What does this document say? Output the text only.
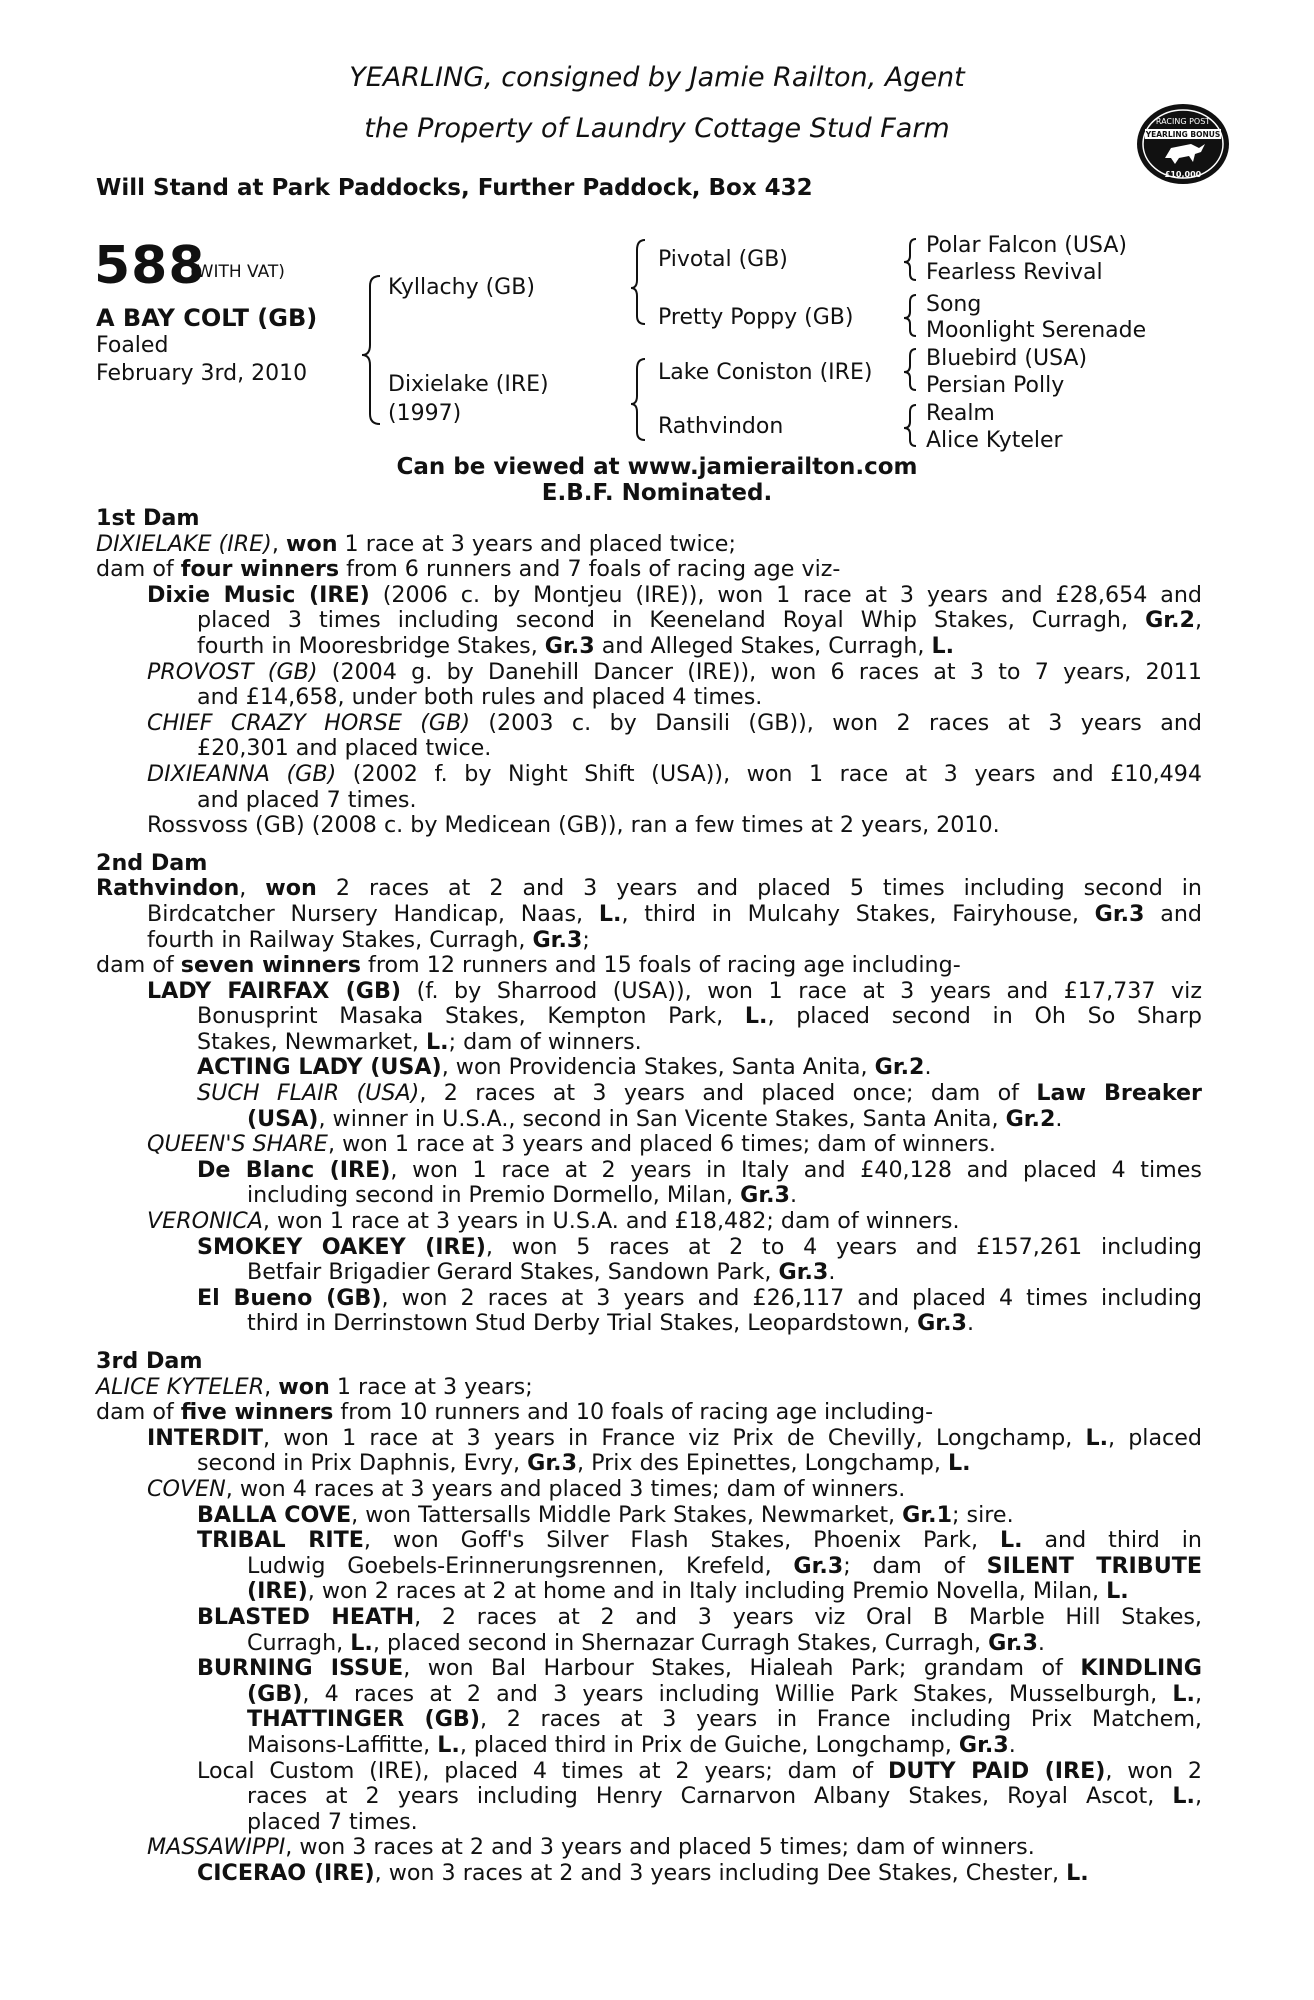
YEARLING, consigned by Jamie Railton, Agent
the Property of Laundry Cottage Stud Farm	RACING POST
YEARLING BONUS
£10,000
Will Stand at Park Paddocks, Further Paddock, Box 432
588
(WITH VAT)
A BAY COLT (GB)
Foaled
February 3rd, 2010
Kyllachy (GB)
Dixielake (IRE)
(1997)
Pivotal (GB)
Pretty Poppy (GB)
Lake Coniston (IRE)
Rathvindon
Polar Falcon (USA)
Fearless Revival
Song
Moonlight Serenade
Bluebird (USA)
Persian Polly
Realm
Alice Kyteler
Can be viewed at www.jamierailton.com
E.B.F. Nominated.
1st Dam
DIXIELAKE (IRE), won 1 race at 3 years and placed twice;
dam of four winners from 6 runners and 7 foals of racing age viz-
Dixie Music (IRE) (2006 c. by Montjeu (IRE)), won 1 race at 3 years and £28,654 and
placed 3 times including second in Keeneland Royal Whip Stakes, Curragh, Gr.2,
fourth in Mooresbridge Stakes, Gr.3 and Alleged Stakes, Curragh, L.
PROVOST (GB) (2004 g. by Danehill Dancer (IRE)), won 6 races at 3 to 7 years, 2011
and £14,658, under both rules and placed 4 times.
CHIEF CRAZY HORSE (GB) (2003 c. by Dansili (GB)), won 2 races at 3 years and
£20,301 and placed twice.
DIXIEANNA (GB) (2002 f. by Night Shift (USA)), won 1 race at 3 years and £10,494
and placed 7 times.
Rossvoss (GB) (2008 c. by Medicean (GB)), ran a few times at 2 years, 2010.
2nd Dam
Rathvindon, won 2 races at 2 and 3 years and placed 5 times including second in
Birdcatcher Nursery Handicap, Naas, L., third in Mulcahy Stakes, Fairyhouse, Gr.3 and
fourth in Railway Stakes, Curragh, Gr.3;
dam of seven winners from 12 runners and 15 foals of racing age including-
LADY FAIRFAX (GB) (f. by Sharrood (USA)), won 1 race at 3 years and £17,737 viz
Bonusprint Masaka Stakes, Kempton Park, L., placed second in Oh So Sharp
Stakes, Newmarket, L.; dam of winners.
ACTING LADY (USA), won Providencia Stakes, Santa Anita, Gr.2.
SUCH FLAIR (USA), 2 races at 3 years and placed once; dam of Law Breaker
(USA), winner in U.S.A., second in San Vicente Stakes, Santa Anita, Gr.2.
QUEEN'S SHARE, won 1 race at 3 years and placed 6 times; dam of winners.
De Blanc (IRE), won 1 race at 2 years in Italy and £40,128 and placed 4 times
including second in Premio Dormello, Milan, Gr.3.
VERONICA, won 1 race at 3 years in U.S.A. and £18,482; dam of winners.
SMOKEY OAKEY (IRE), won 5 races at 2 to 4 years and £157,261 including
Betfair Brigadier Gerard Stakes, Sandown Park, Gr.3.
El Bueno (GB), won 2 races at 3 years and £26,117 and placed 4 times including
third in Derrinstown Stud Derby Trial Stakes, Leopardstown, Gr.3.
3rd Dam
ALICE KYTELER, won 1 race at 3 years;
dam of five winners from 10 runners and 10 foals of racing age including-
INTERDIT, won 1 race at 3 years in France viz Prix de Chevilly, Longchamp, L., placed
second in Prix Daphnis, Evry, Gr.3, Prix des Epinettes, Longchamp, L.
COVEN, won 4 races at 3 years and placed 3 times; dam of winners.
BALLA COVE, won Tattersalls Middle Park Stakes, Newmarket, Gr.1; sire.
TRIBAL RITE, won Goff's Silver Flash Stakes, Phoenix Park, L. and third in
Ludwig Goebels-Erinnerungsrennen, Krefeld, Gr.3; dam of SILENT TRIBUTE
(IRE), won 2 races at 2 at home and in Italy including Premio Novella, Milan, L.
BLASTED HEATH, 2 races at 2 and 3 years viz Oral B Marble Hill Stakes,
Curragh, L., placed second in Shernazar Curragh Stakes, Curragh, Gr.3.
BURNING ISSUE, won Bal Harbour Stakes, Hialeah Park; grandam of KINDLING
(GB), 4 races at 2 and 3 years including Willie Park Stakes, Musselburgh, L.,
THATTINGER (GB), 2 races at 3 years in France including Prix Matchem,
Maisons-Laffitte, L., placed third in Prix de Guiche, Longchamp, Gr.3.
Local Custom (IRE), placed 4 times at 2 years; dam of DUTY PAID (IRE), won 2
races at 2 years including Henry Carnarvon Albany Stakes, Royal Ascot, L.,
placed 7 times.
MASSAWIPPI, won 3 races at 2 and 3 years and placed 5 times; dam of winners.
CICERAO (IRE), won 3 races at 2 and 3 years including Dee Stakes, Chester, L.
